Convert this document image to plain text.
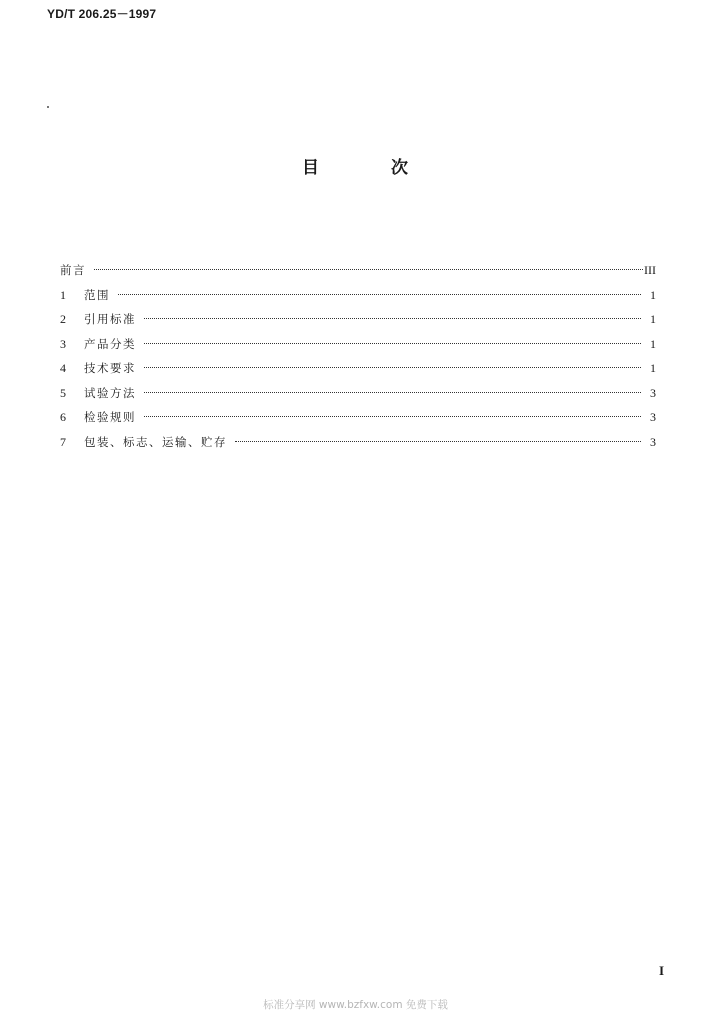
YD/T 206.25－1997
目	次
前言	III
1	范围	1
2	引用标准	1
3	产品分类	1
4	技术要求	1
5	试验方法	3
6	检验规则	3
7	包装、标志、运输、贮存	3
I
标准分享网 www.bzfxw.com 免费下载
